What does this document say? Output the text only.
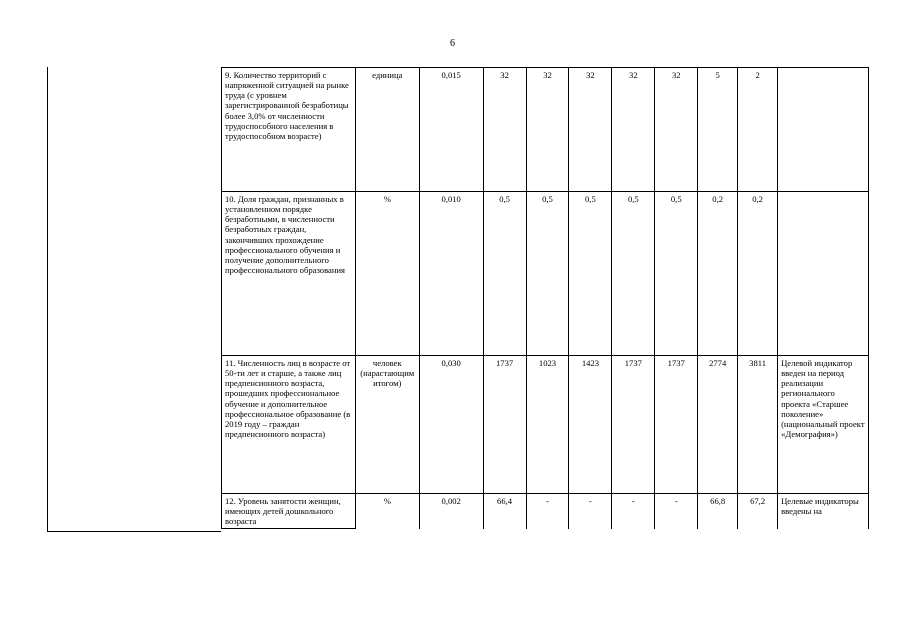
6
9. Количество территорий с напряженной ситуацией на рынке труда (с уровнем зарегистрированной безработицы более 3,0% от численности трудоспособного населения в трудоспособном возрасте)	единица	0,015	32	32	32	32	32	5	2	
10. Доля граждан, признанных в установленном порядке безработными, в численности безработных граждан, закончивших прохождение профессионального обучения и получение дополнительного профессионального образования	%	0,010	0,5	0,5	0,5	0,5	0,5	0,2	0,2	
11. Численность лиц в возрасте от 50-ти лет и старше, а также лиц предпенсионного возраста, прошедших профессиональное обучение и дополнительное профессиональное образование (в 2019 году – граждан предпенсионного возраста)	человек (нарастающим итогом)	0,030	1737	1023	1423	1737	1737	2774	3811	Целевой индикатор введен на период реализации регионального проекта «Старшее поколение» (национальный проект «Демография»)
12. Уровень занятости женщин, имеющих детей дошкольного возраста	%	0,002	66,4	-	-	-	-	66,8	67,2	Целевые индикаторы введены на
